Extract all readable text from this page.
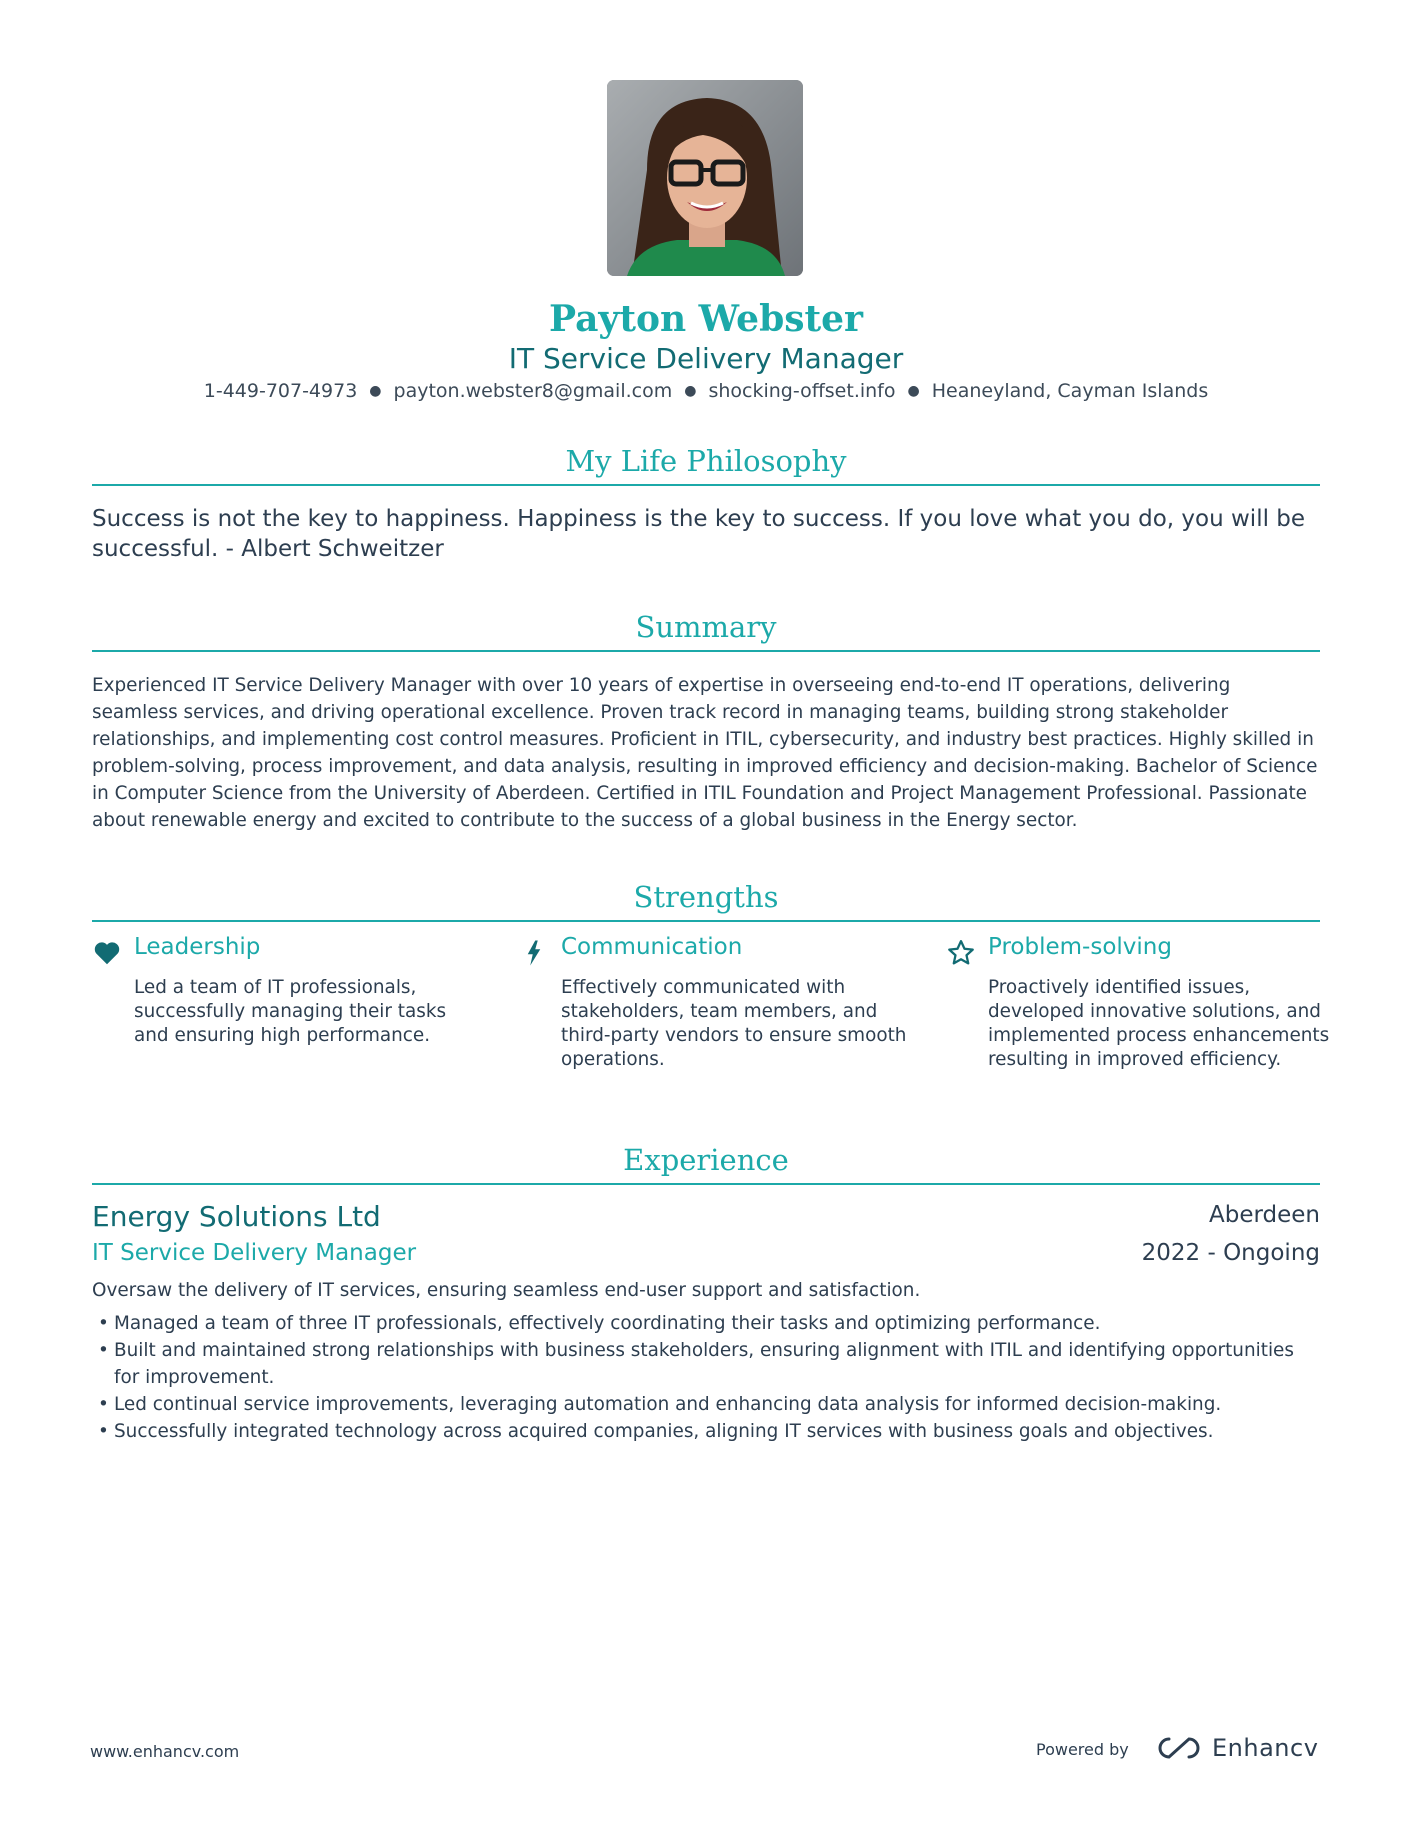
Payton Webster
IT Service Delivery Manager
1-449-707-4973 ● payton.webster8@gmail.com ● shocking-offset.info ● Heaneyland, Cayman Islands
My Life Philosophy
Success is not the key to happiness. Happiness is the key to success. If you love what you do, you will be successful. - Albert Schweitzer
Summary
Experienced IT Service Delivery Manager with over 10 years of expertise in overseeing end-to-end IT operations, delivering seamless services, and driving operational excellence. Proven track record in managing teams, building strong stakeholder relationships, and implementing cost control measures. Proficient in ITIL, cybersecurity, and industry best practices. Highly skilled in problem-solving, process improvement, and data analysis, resulting in improved efficiency and decision-making. Bachelor of Science in Computer Science from the University of Aberdeen. Certified in ITIL Foundation and Project Management Professional. Passionate about renewable energy and excited to contribute to the success of a global business in the Energy sector.
Strengths
Leadership
Led a team of IT professionals, successfully managing their tasks and ensuring high performance.
Communication
Effectively communicated with stakeholders, team members, and third-party vendors to ensure smooth operations.
Problem-solving
Proactively identified issues, developed innovative solutions, and implemented process enhancements resulting in improved efficiency.
Experience
Energy Solutions Ltd	Aberdeen
IT Service Delivery Manager	2022 - Ongoing
Oversaw the delivery of IT services, ensuring seamless end-user support and satisfaction.
• Managed a team of three IT professionals, effectively coordinating their tasks and optimizing performance.
• Built and maintained strong relationships with business stakeholders, ensuring alignment with ITIL and identifying opportunities for improvement.
• Led continual service improvements, leveraging automation and enhancing data analysis for informed decision-making.
• Successfully integrated technology across acquired companies, aligning IT services with business goals and objectives.
www.enhancv.com	Powered by	Enhancv
